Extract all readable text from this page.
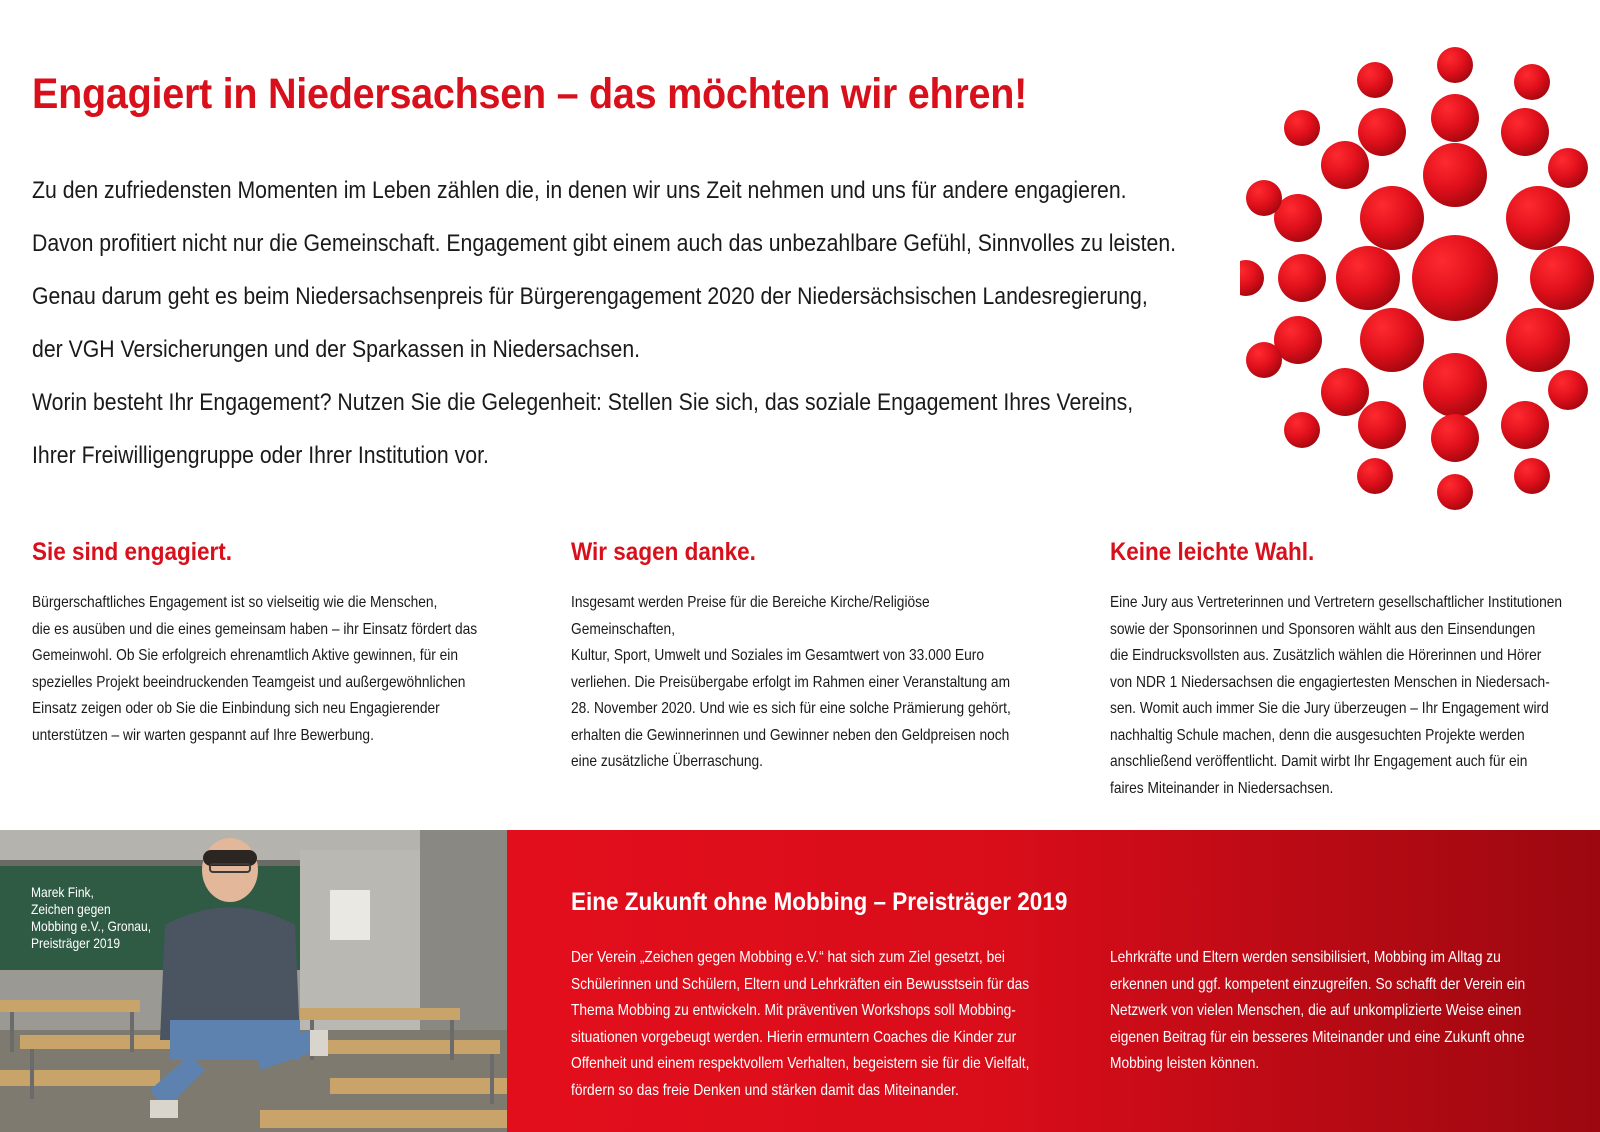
Engagiert in Niedersachsen – das möchten wir ehren!

Zu den zufriedensten Momenten im Leben zählen die, in denen wir uns Zeit nehmen und uns für andere engagieren.

Davon profitiert nicht nur die Gemeinschaft. Engagement gibt einem auch das unbezahlbare Gefühl, Sinnvolles zu leisten.

Genau darum geht es beim Niedersachsenpreis für Bürgerengagement 2020 der Niedersächsischen Landesregierung,

der VGH Versicherungen und der Sparkassen in Niedersachsen.

Worin besteht Ihr Engagement? Nutzen Sie die Gelegenheit: Stellen Sie sich, das soziale Engagement Ihres Vereins,

Ihrer Freiwilligengruppe oder Ihrer Institution vor.

Sie sind engagiert.
Bürgerschaftliches Engagement ist so vielseitig wie die Menschen,
die es ausüben und die eines gemeinsam haben – ihr Einsatz fördert das
Gemeinwohl. Ob Sie erfolgreich ehrenamtlich Aktive gewinnen, für ein
spezielles Projekt beeindruckenden Teamgeist und außergewöhnlichen
Einsatz zeigen oder ob Sie die Einbindung sich neu Engagierender
unterstützen – wir warten gespannt auf Ihre Bewerbung.
Wir sagen danke.
Insgesamt werden Preise für die Bereiche Kirche/Religiöse Gemeinschaften,
Kultur, Sport, Umwelt und Soziales im Gesamtwert von 33.000 Euro
verliehen. Die Preisübergabe erfolgt im Rahmen einer Veranstaltung am
28. November 2020. Und wie es sich für eine solche Prämierung gehört,
erhalten die Gewinnerinnen und Gewinner neben den Geldpreisen noch
eine zusätzliche Überraschung.
Keine leichte Wahl.
Eine Jury aus Vertreterinnen und Vertretern gesellschaftlicher Institutionen
sowie der Sponsorinnen und Sponsoren wählt aus den Einsendungen
die Eindrucksvollsten aus. Zusätzlich wählen die Hörerinnen und Hörer
von NDR 1 Niedersachsen die engagiertesten Menschen in Niedersach-
sen. Womit auch immer Sie die Jury überzeugen – Ihr Engagement wird
nachhaltig Schule machen, denn die ausgesuchten Projekte werden
anschließend veröffentlicht. Damit wirbt Ihr Engagement auch für ein
faires Miteinander in Niedersachsen.
Marek Fink,
Zeichen gegen
Mobbing e.V., Gronau,
Preisträger 2019
Eine Zukunft ohne Mobbing – Preisträger 2019
Der Verein „Zeichen gegen Mobbing e.V.“ hat sich zum Ziel gesetzt, bei
Schülerinnen und Schülern, Eltern und Lehrkräften ein Bewusstsein für das
Thema Mobbing zu entwickeln. Mit präventiven Workshops soll Mobbing-
situationen vorgebeugt werden. Hierin ermuntern Coaches die Kinder zur
Offenheit und einem respektvollem Verhalten, begeistern sie für die Vielfalt,
fördern so das freie Denken und stärken damit das Miteinander.
Lehrkräfte und Eltern werden sensibilisiert, Mobbing im Alltag zu
erkennen und ggf. kompetent einzugreifen. So schafft der Verein ein
Netzwerk von vielen Menschen, die auf unkomplizierte Weise einen
eigenen Beitrag für ein besseres Miteinander und eine Zukunft ohne
Mobbing leisten können.
